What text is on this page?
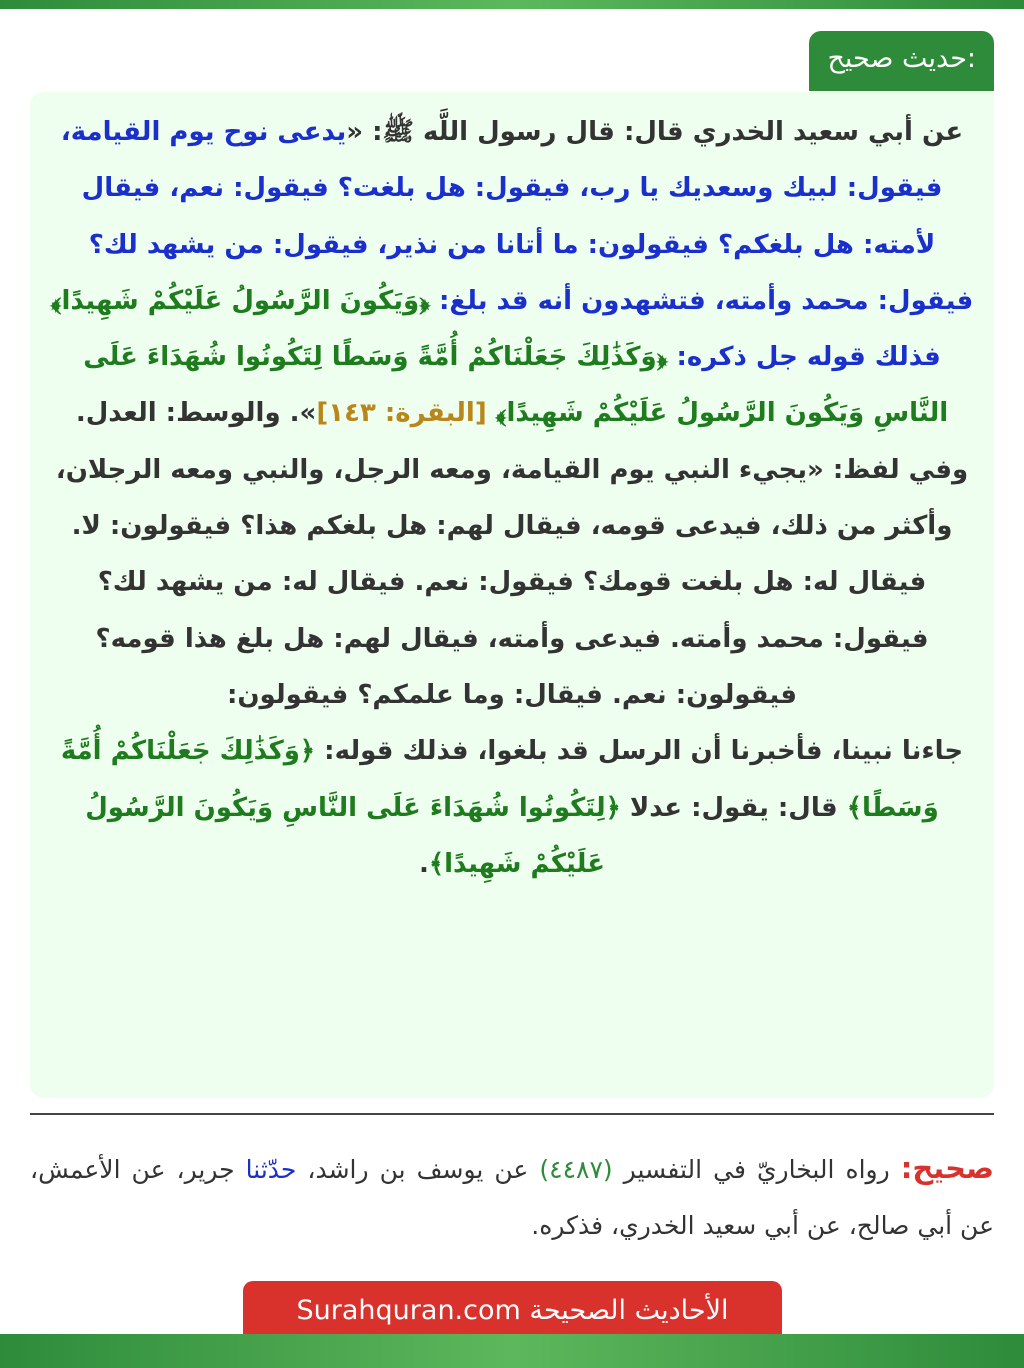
حديث صحيح:
عن أبي سعيد الخدري قال: قال رسول اللَّه ﷺ: «يدعى نوح يوم القيامة، فيقول: لبيك وسعديك يا رب، فيقول: هل بلغت؟ فيقول: نعم، فيقال لأمته: هل بلغكم؟ فيقولون: ما أتانا من نذير، فيقول: من يشهد لك؟ فيقول: محمد وأمته، فتشهدون أنه قد بلغ: ﴿وَيَكُونَ الرَّسُولُ عَلَيْكُمْ شَهِيدًا﴾ فذلك قوله جل ذكره: ﴿وَكَذَٰلِكَ جَعَلْنَاكُمْ أُمَّةً وَسَطًا لِتَكُونُوا شُهَدَاءَ عَلَى النَّاسِ وَيَكُونَ الرَّسُولُ عَلَيْكُمْ شَهِيدًا﴾ [البقرة: ١٤٣]». والوسط: العدل.
وفي لفظ: «يجيء النبي يوم القيامة، ومعه الرجل، والنبي ومعه الرجلان، وأكثر من ذلك، فيدعى قومه، فيقال لهم: هل بلغكم هذا؟ فيقولون: لا. فيقال له: هل بلغت قومك؟ فيقول: نعم. فيقال له: من يشهد لك؟ فيقول: محمد وأمته. فيدعى وأمته، فيقال لهم: هل بلغ هذا قومه؟ فيقولون: نعم. فيقال: وما علمكم؟ فيقولون:
جاءنا نبينا، فأخبرنا أن الرسل قد بلغوا، فذلك قوله: ﴿وَكَذَٰلِكَ جَعَلْنَاكُمْ أُمَّةً وَسَطًا﴾ قال: يقول: عدلا ﴿لِتَكُونُوا شُهَدَاءَ عَلَى النَّاسِ وَيَكُونَ الرَّسُولُ عَلَيْكُمْ شَهِيدًا﴾.
صحيح: رواه البخاريّ في التفسير (٤٤٨٧) عن يوسف بن راشد، حدّثنا جرير، عن الأعمش، عن أبي صالح، عن أبي سعيد الخدري، فذكره.
الأحاديث الصحيحة Surahquran.com
